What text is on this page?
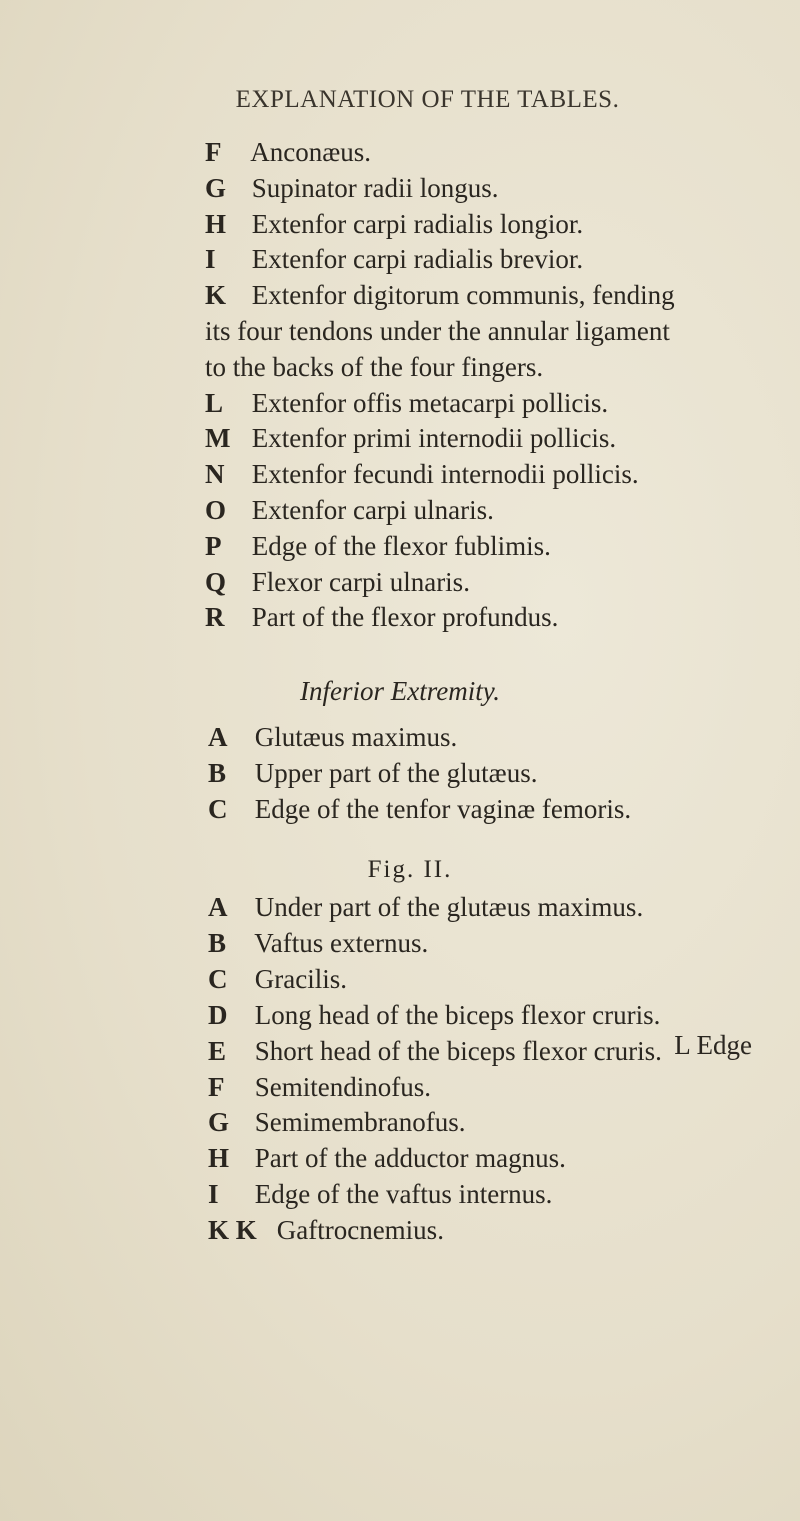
EXPLANATION OF THE TABLES.
F Anconæus.
G Supinator radii longus.
H Extenfor carpi radialis longior.
I Extenfor carpi radialis brevior.
K Extenfor digitorum communis, fending
its four tendons under the annular ligament
to the backs of the four fingers.
L Extenfor offis metacarpi pollicis.
M Extenfor primi internodii pollicis.
N Extenfor fecundi internodii pollicis.
O Extenfor carpi ulnaris.
P Edge of the flexor fublimis.
Q Flexor carpi ulnaris.
R Part of the flexor profundus.
Inferior Extremity.
A Glutæus maximus.
B Upper part of the glutæus.
C Edge of the tenfor vaginæ femoris.
Fig. II.
A Under part of the glutæus maximus.
B Vaftus externus.
C Gracilis.
D Long head of the biceps flexor cruris.
E Short head of the biceps flexor cruris.
F Semitendinofus.
G Semimembranofus.
H Part of the adductor magnus.
I Edge of the vaftus internus.
K K Gaftrocnemius.
L Edge
